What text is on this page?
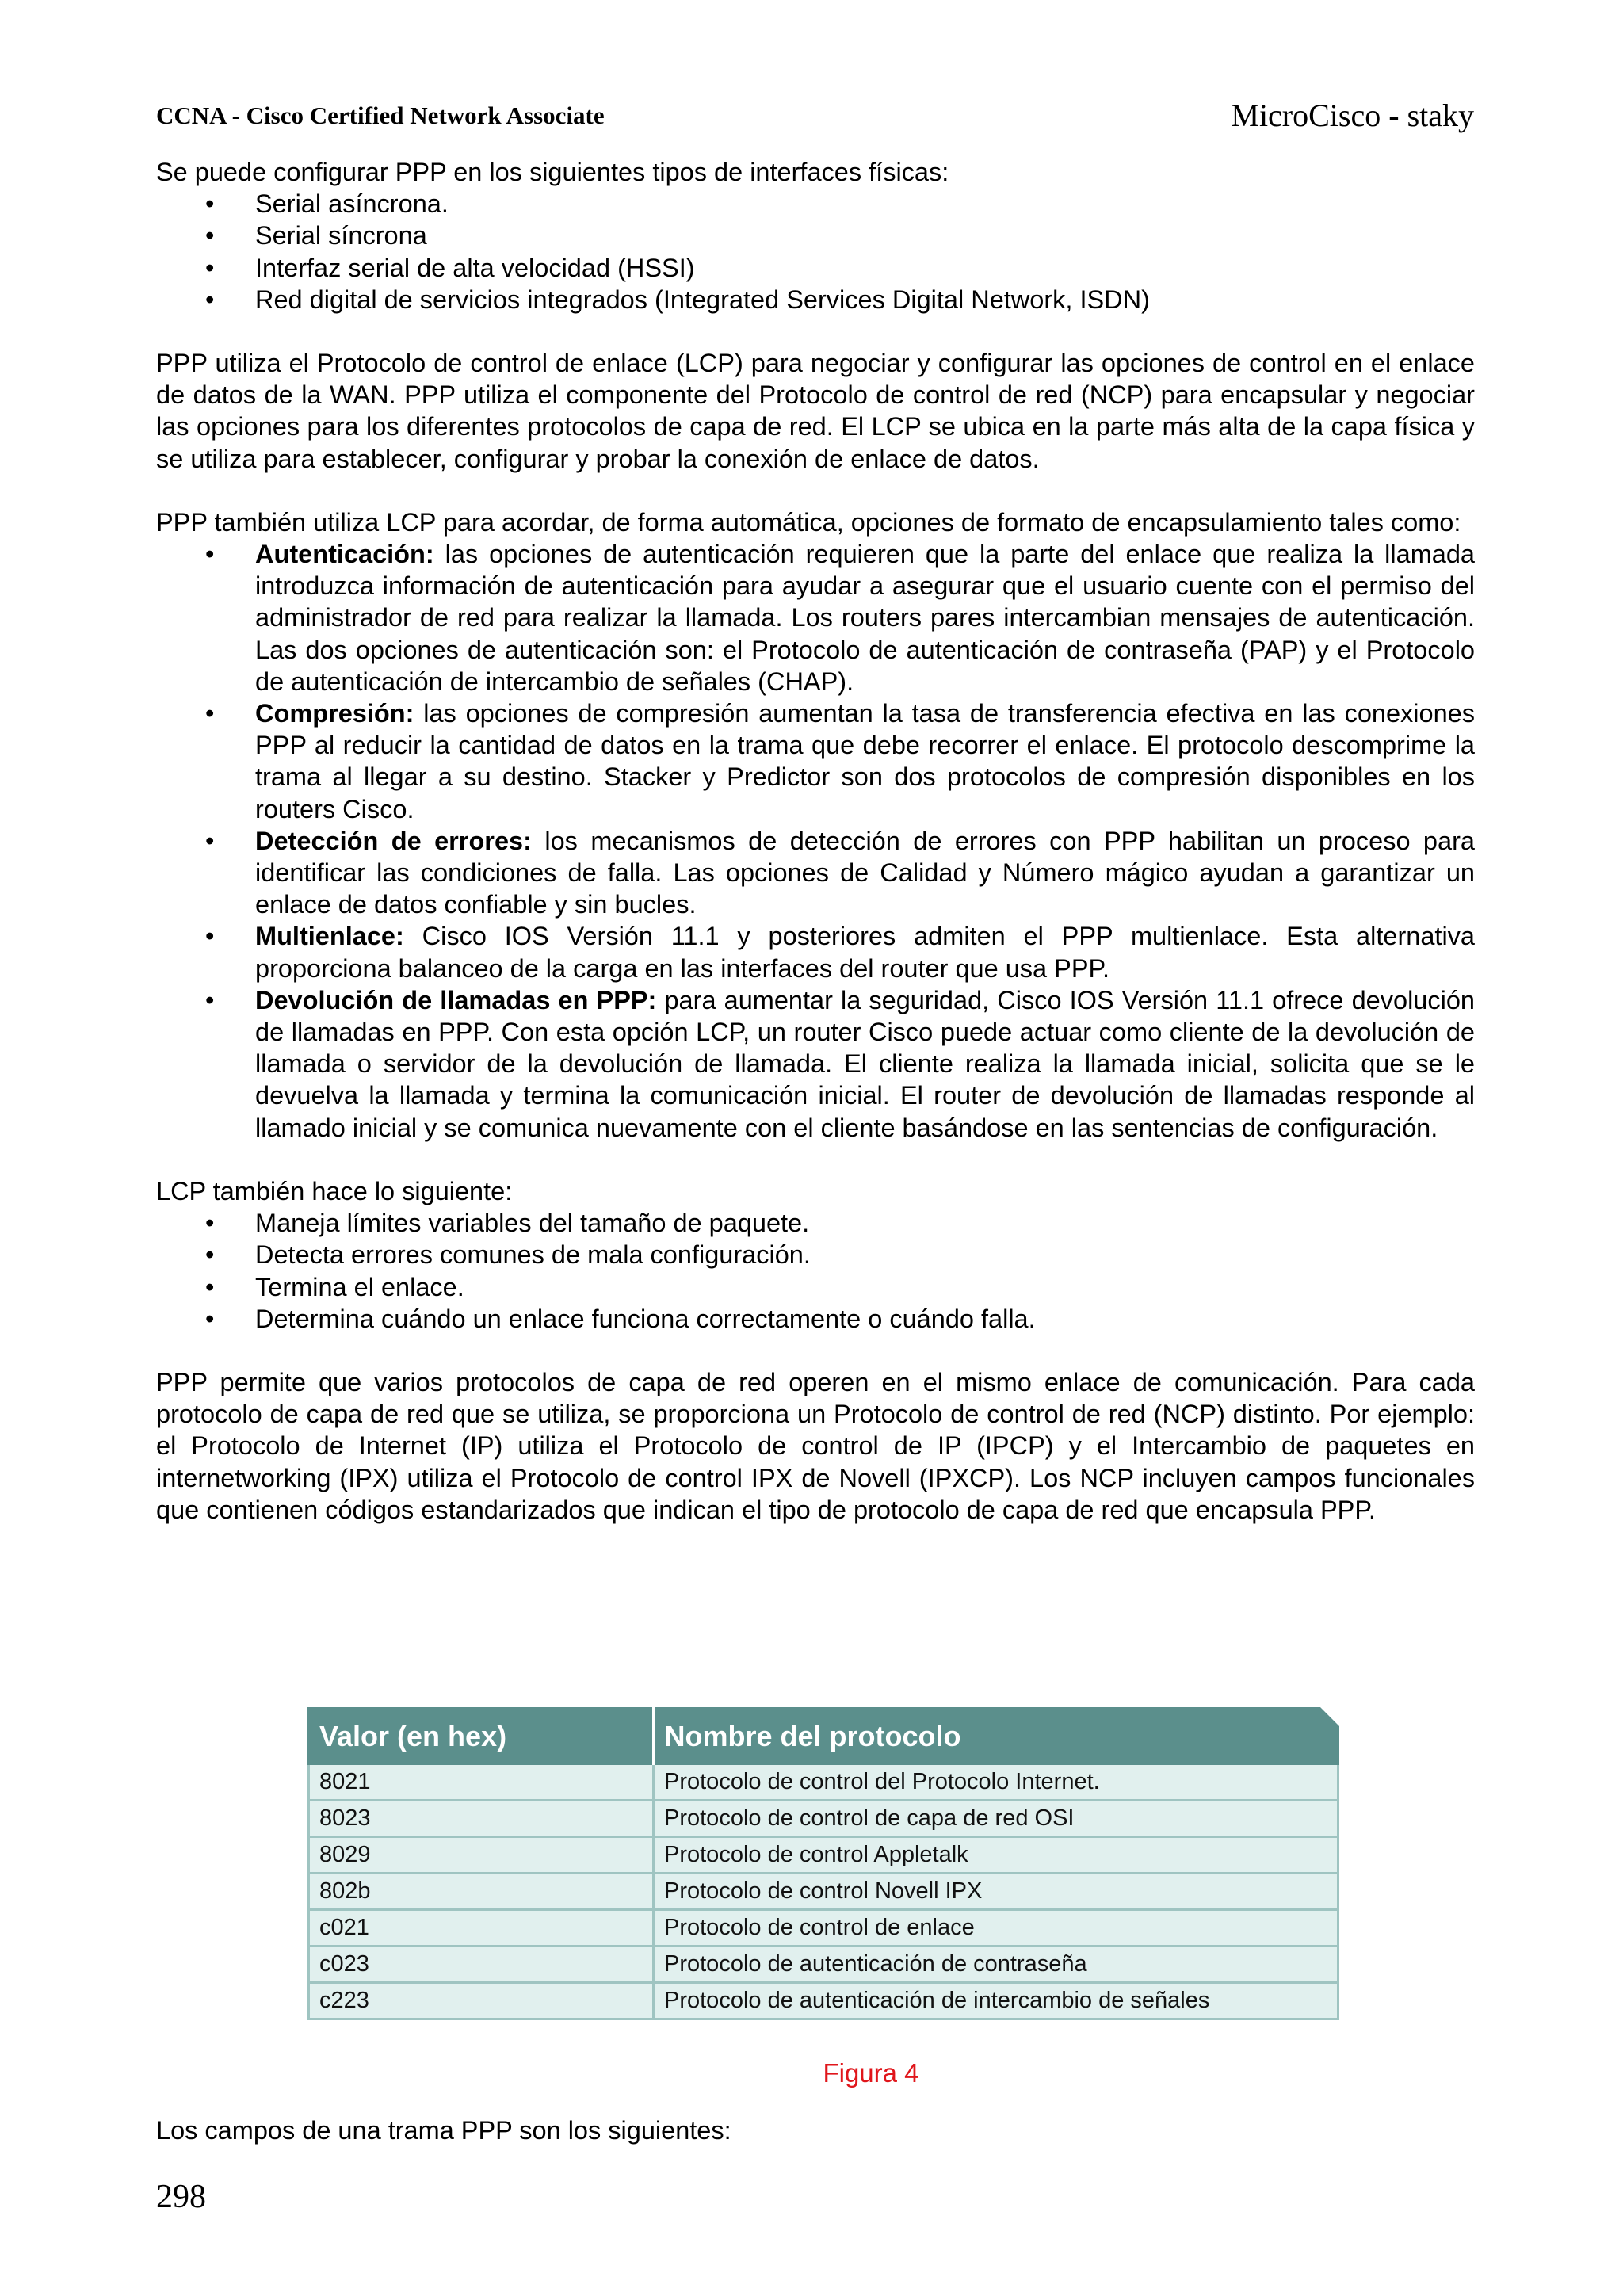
CCNA - Cisco Certified Network Associate	MicroCisco - staky

Se puede configurar PPP en los siguientes tipos de interfaces físicas:

• Serial asíncrona.
• Serial síncrona
• Interfaz serial de alta velocidad (HSSI)
• Red digital de servicios integrados (Integrated Services Digital Network, ISDN)

PPP utiliza el Protocolo de control de enlace (LCP) para negociar y configurar las opciones de control en el enlace de datos de la WAN. PPP utiliza el componente del Protocolo de control de red (NCP) para encapsular y negociar las opciones para los diferentes protocolos de capa de red. El LCP se ubica en la parte más alta de la capa física y se utiliza para establecer, configurar y probar la conexión de enlace de datos.

PPP también utiliza LCP para acordar, de forma automática, opciones de formato de encapsulamiento tales como:

• Autenticación: las opciones de autenticación requieren que la parte del enlace que realiza la llamada introduzca información de autenticación para ayudar a asegurar que el usuario cuente con el permiso del administrador de red para realizar la llamada. Los routers pares intercambian mensajes de autenticación. Las dos opciones de autenticación son: el Protocolo de autenticación de contraseña (PAP) y el Protocolo de autenticación de intercambio de señales (CHAP).
• Compresión: las opciones de compresión aumentan la tasa de transferencia efectiva en las conexiones PPP al reducir la cantidad de datos en la trama que debe recorrer el enlace. El protocolo descomprime la trama al llegar a su destino. Stacker y Predictor son dos protocolos de compresión disponibles en los routers Cisco.
• Detección de errores: los mecanismos de detección de errores con PPP habilitan un proceso para identificar las condiciones de falla. Las opciones de Calidad y Número mágico ayudan a garantizar un enlace de datos confiable y sin bucles.
• Multienlace: Cisco IOS Versión 11.1 y posteriores admiten el PPP multienlace. Esta alternativa proporciona balanceo de la carga en las interfaces del router que usa PPP.
• Devolución de llamadas en PPP: para aumentar la seguridad, Cisco IOS Versión 11.1 ofrece devolución de llamadas en PPP. Con esta opción LCP, un router Cisco puede actuar como cliente de la devolución de llamada o servidor de la devolución de llamada. El cliente realiza la llamada inicial, solicita que se le devuelva la llamada y termina la comunicación inicial. El router de devolución de llamadas responde al llamado inicial y se comunica nuevamente con el cliente basándose en las sentencias de configuración.

LCP también hace lo siguiente:

• Maneja límites variables del tamaño de paquete.
• Detecta errores comunes de mala configuración.
• Termina el enlace.
• Determina cuándo un enlace funciona correctamente o cuándo falla.

PPP permite que varios protocolos de capa de red operen en el mismo enlace de comunicación. Para cada protocolo de capa de red que se utiliza, se proporciona un Protocolo de control de red (NCP) distinto. Por ejemplo: el Protocolo de Internet (IP) utiliza el Protocolo de control de IP (IPCP) y el Intercambio de paquetes en internetworking (IPX) utiliza el Protocolo de control IPX de Novell (IPXCP). Los NCP incluyen campos funcionales que contienen códigos estandarizados que indican el tipo de protocolo de capa de red que encapsula PPP.

Valor (en hex)	Nombre del protocolo
8021	Protocolo de control del Protocolo Internet.
8023	Protocolo de control de capa de red OSI
8029	Protocolo de control Appletalk
802b	Protocolo de control Novell IPX
c021	Protocolo de control de enlace
c023	Protocolo de autenticación de contraseña
c223	Protocolo de autenticación de intercambio de señales
Figura 4
Los campos de una trama PPP son los siguientes:
298
